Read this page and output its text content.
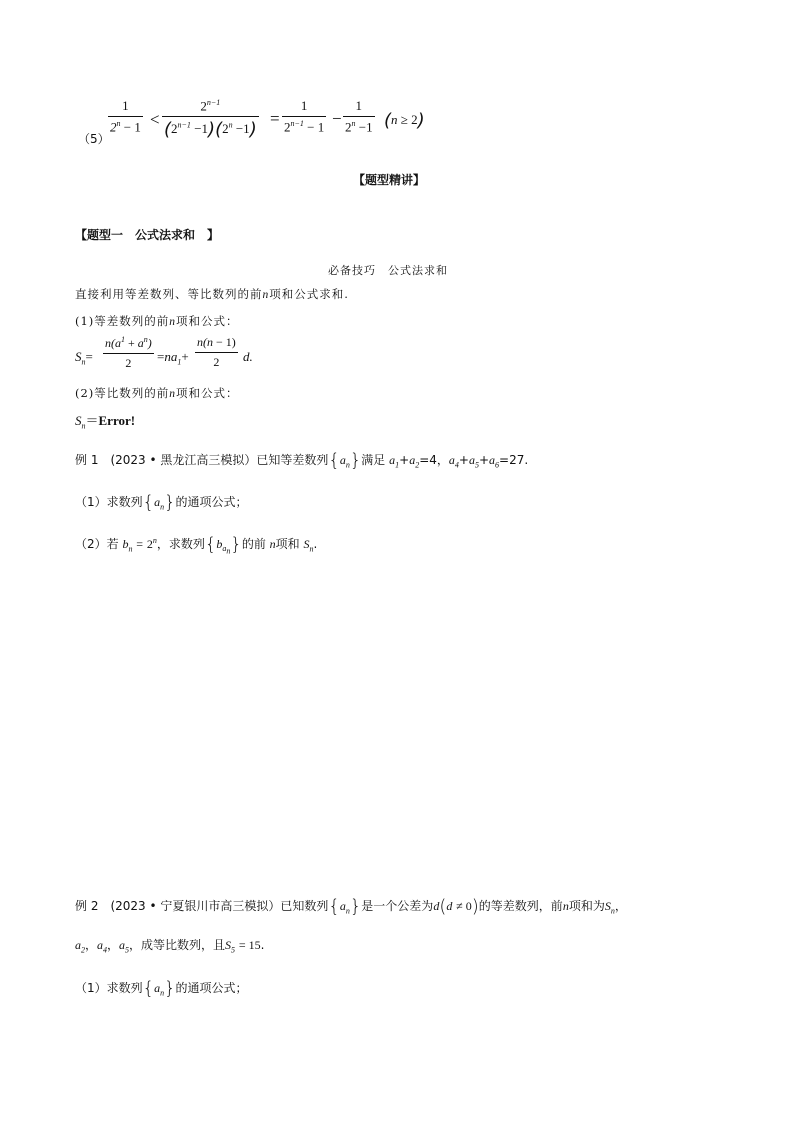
（5）
$\frac{1}{2^n - 1} < \frac{2^{n-1}}{(2^{n-1} -1)(2^n -1)} = \frac{1}{2^{n-1} - 1} - \frac{1}{2^n -1} (n \ge 2)$
【题型精讲】
【题型一　公式法求和　】
必备技巧　公式法求和
直接利用等差数列、等比数列的前n项和公式求和.
(1)等差数列的前n项和公式：
$S_n= \frac{n(a^1 + a^n)}{2} =na_1+ \frac{n(n - 1)}{2} d$.
(2)等比数列的前n项和公式：
$S_n=Error$!
例 1　(2023 • 黑龙江高三模拟）已知等差数列$\{a_n\}$满足 $a_1+a_2=4$，$a_4+a_5+a_6=27$.
（1）求数列$\{a_n\}$的通项公式；
（2）若 $b_n = 2^n$，求数列$\{b_{a_n}\}$的前 n项和 $S_n$.
例 2　(2023 • 宁夏银川市高三模拟）已知数列$\{a_n\}$是一个公差为d(d ≠ 0)的等差数列，前n项和为$S_n$，
$a_2$，$a_4$，$a_5$，成等比数列，且$S_5 = 15$.
（1）求数列$\{a_n\}$的通项公式；
